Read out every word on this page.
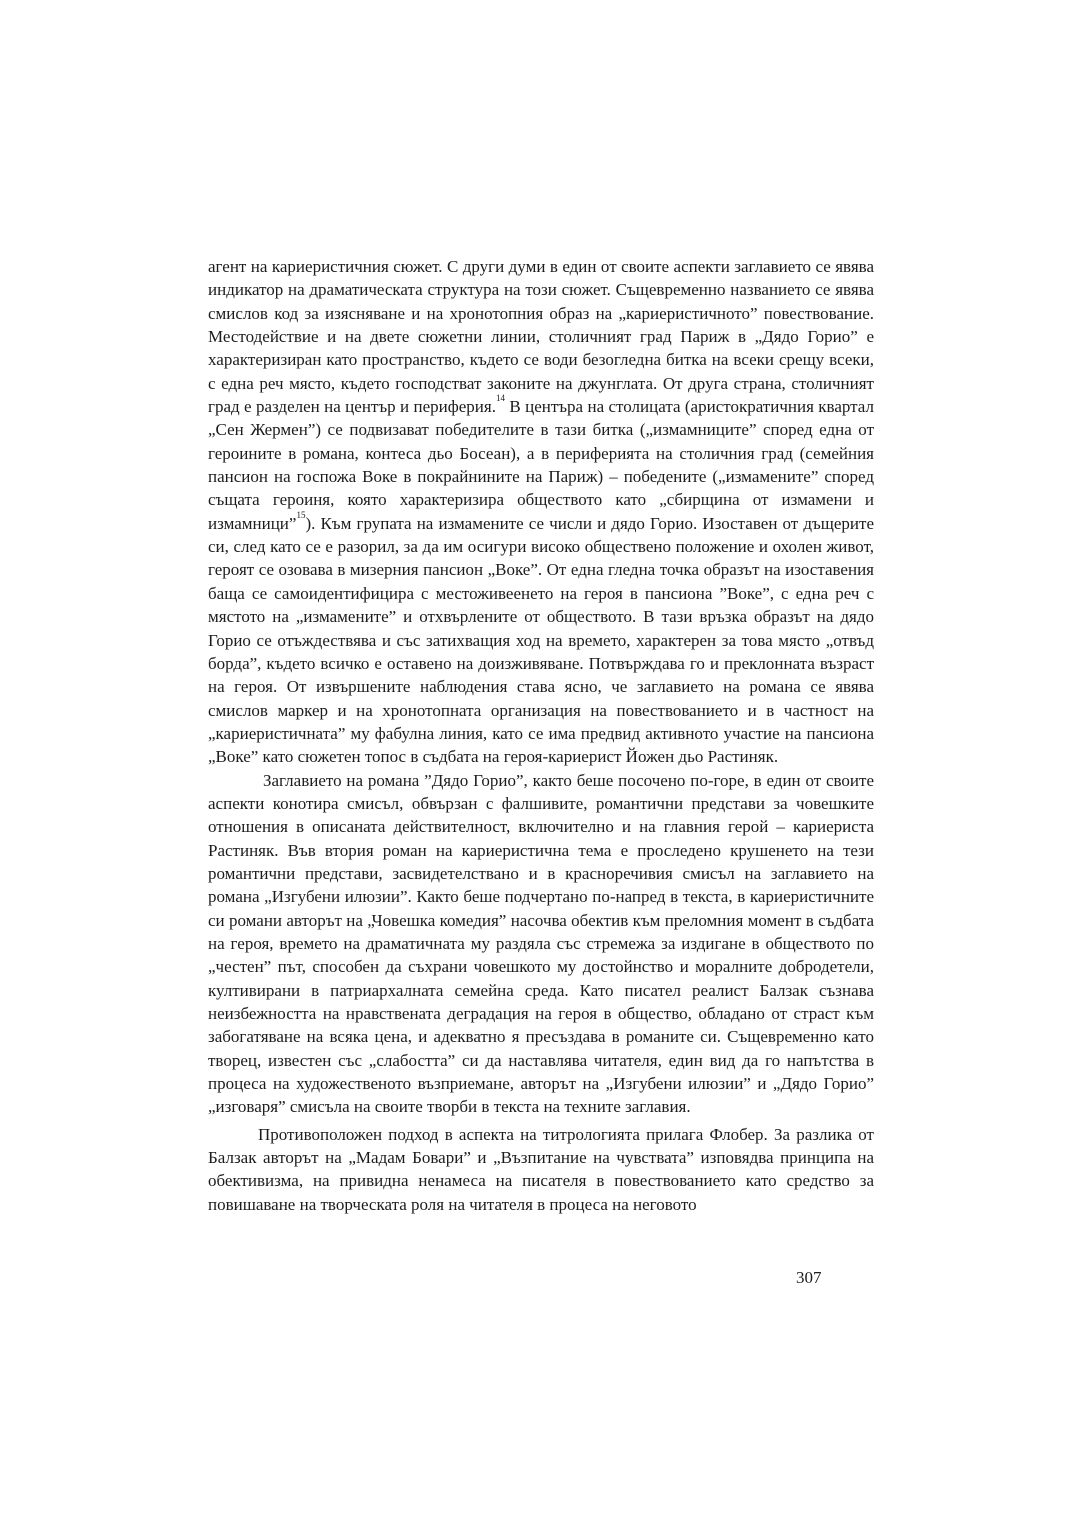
агент на кариеристичния сюжет. С други думи в един от своите аспекти заглавието се явява индикатор на драматическата структура на този сюжет. Същевременно названието се явява смислов код за изясняване и на хронотопния образ на „кариеристичното” повествование. Местодействие и на двете сюжетни линии, столичният град Париж в „Дядо Горио” е характеризиран като пространство, където се води безогледна битка на всеки срещу всеки, с една реч място, където господстват законите на джунглата. От друга страна, столичният град е разделен на център и периферия.$^{14}$ В центъра на столицата (аристократичния квартал „Сен Жермен”) се подвизават победителите в тази битка („измамниците” според една от героините в романа, контеса дьо Босеан), а в периферията на столичния град (семейния пансион на госпожа Воке в покрайнините на Париж) – победените („измамените” според същата героиня, която характеризира обществото като „сбирщина от измамени и измамници”$^{15}$). Към групата на измамените се числи и дядо Горио. Изоставен от дъщерите си, след като се е разорил, за да им осигури високо обществено положение и охолен живот, героят се озовава в мизерния пансион „Воке”. От една гледна точка образът на изоставения баща се самоидентифицира с местоживеенето на героя в пансиона ”Воке”, с една реч с мястото на „измамените” и отхвърлените от обществото. В тази връзка образът на дядо Горио се отъждествява и със затихващия ход на времето, характерен за това място „отвъд борда”, където всичко е оставено на доизживяване. Потвърждава го и преклонната възраст на героя. От извършените наблюдения става ясно, че заглавието на романа се явява смислов маркер и на хронотопната организация на повествованието и в частност на „кариеристичната” му фабулна линия, като се има предвид активното участие на пансиона „Воке” като сюжетен топос в съдбата на героя-кариерист Йожен дьо Растиняк.

Заглавието на романа ”Дядо Горио”, както беше посочено по-горе, в един от своите аспекти конотира смисъл, обвързан с фалшивите, романтични представи за човешките отношения в описаната действителност, включително и на главния герой – кариериста Растиняк. Във втория роман на кариеристична тема е проследено крушенето на тези романтични представи, засвидетелствано и в красноречивия смисъл на заглавието на романа „Изгубени илюзии”. Както беше подчертано по-напред в текста, в кариеристичните си романи авторът на „Човешка комедия” насочва обектив към преломния момент в съдбата на героя, времето на драматичната му раздяла със стремежа за издигане в обществото по „честен” път, способен да съхрани човешкото му достойнство и моралните добродетели, култивирани в патриархалната семейна среда. Като писател реалист Балзак съзнава неизбежността на нравствената деградация на героя в общество, обладано от страст към забогатяване на всяка цена, и адекватно я пресъздава в романите си. Същевременно като творец, известен със „слабостта” си да наставлява читателя, един вид да го напътства в процеса на художественото възприемане, авторът на „Изгубени илюзии” и „Дядо Горио” „изговаря” смисъла на своите творби в текста на техните заглавия.

Противоположен подход в аспекта на титрологията прилага Флобер. За разлика от Балзак авторът на „Мадам Бовари” и „Възпитание на чувствата” изповядва принципа на обективизма, на привидна ненамеса на писателя в повествованието като средство за повишаване на творческата роля на читателя в процеса на неговото

307
